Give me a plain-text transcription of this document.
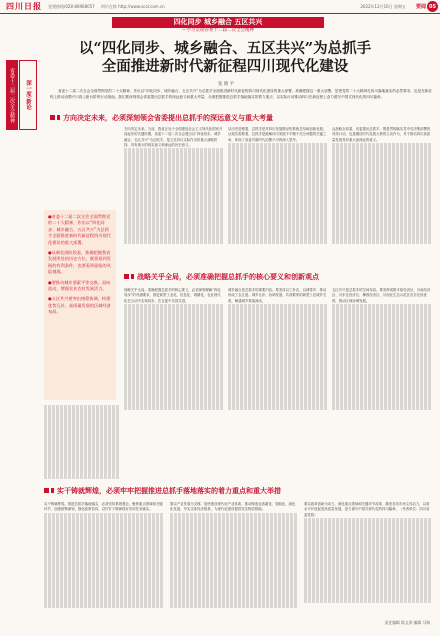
四川日报 党建热线/028-86968057 四川在线 http://www.scol.com.cn	2022年12月16日 星期五 要闻 05
四化同步 城乡融合 五区共兴
—学习贯彻省委十二届二次全会精神
以“四化同步、城乡融合、五区共兴”为总抓手
全面推进新时代新征程四川现代化建设
张 晓 平
省委十二届二次全会精神	深一度·新论	省委十二届二次全会全面贯彻党的二十大精神，作出以“四化同步、城乡融合、五区共兴”为总抓手全面推进新时代新征程四川现代化建设的重大部署。准确把握这一重大部署，是把党的二十大精神在四川落地落实的必然要求，也是在新征程上推动治蜀兴川再上新台阶的行动指南。我们要深刻领会省委提出总抓手的深远意义和重大考量，全面把握推进总抓手落地落实的着力重点，以实际行动推动四川在新征程上奋力谱写中国式现代化的四川篇章。
方向决定未来，必须深刻领会省委提出总抓手的深远意义与重大考量
方向决定未来。当前，我省正处于全面建设社会主义现代化国家开局起步的关键时期，省委十二届二次全会提出以“四化同步、城乡融合、五区共兴”为总抓手，是立足四川实际作出的重大战略抉择，具有重大的现实意义和深远的历史意义。
从历史进程看，总抓手是对四川发展路径的系统总结和创新发展。从现实需要看，总抓手是破解四川发展不平衡不充分问题的关键之举，体现了省委对新时代治蜀兴川的深入思考。
从战略全局看，省委提出总抓手，既是贯彻落实党中央决策部署的具体行动，也是顺应时代发展大势的主动作为，对于推动四川高质量发展具有重大而深远的意义。

●省委十二届二次全会全面贯彻党的二十大精神，作出以“四化同步、城乡融合、五区共兴”为总抓手全面推进新时代新征程四川现代化建设的重大部署。

●从新发展阶段看，准确把握我省发展所处的历史方位，既要看到发展的有利条件，也要看到面临的风险挑战。

●要推动城乡要素平等交换、双向流动，增强农业农村发展活力。

●五区共兴要突出统筹协调，构建优势互补、高质量发展的区域经济布局。

战略关乎全局，必须准确把握总抓手的核心要义和创新观点
战略关乎全局。准确把握总抓手的核心要义，必须深刻理解“四化同步”的内涵要求，推进新型工业化、信息化、城镇化、农业现代化在互动中实现同步、在互促中实现共进。
城乡融合是总抓手的重要内容。要坚持以工补农、以城带乡，推动形成工农互促、城乡互补、协调发展、共同繁荣的新型工农城乡关系，畅通城乡要素流动。
五区共兴是总抓手的空间布局。要发挥成都平原经济区、川南经济区、川东北经济区、攀西经济区、川西北生态示范区各自比较优势，推动区域协调发展。
实干铸就辉煌，必须牢牢把握推进总抓手落地落实的着力重点和重大举措
实干铸就辉煌。推进总抓手落地落实，必须坚持系统观念，聚焦重点领域和关键环节，加强统筹谋划，强化政策协同，以钉钉子精神抓好各项任务落实。
要以产业发展为支撑，加快建设现代化产业体系，推动制造业高端化、智能化、绿色化发展，夯实实体经济根基，为现代化建设提供坚实物质基础。
要以改革创新为动力，深化重点领域和关键环节改革，激发各类市场主体活力，以高水平开放促进高质量发展，奋力谱写中国式现代化的四川篇章。（作者单位：四川省委党校）
责任编辑 陈文涛 编辑 马瑞
